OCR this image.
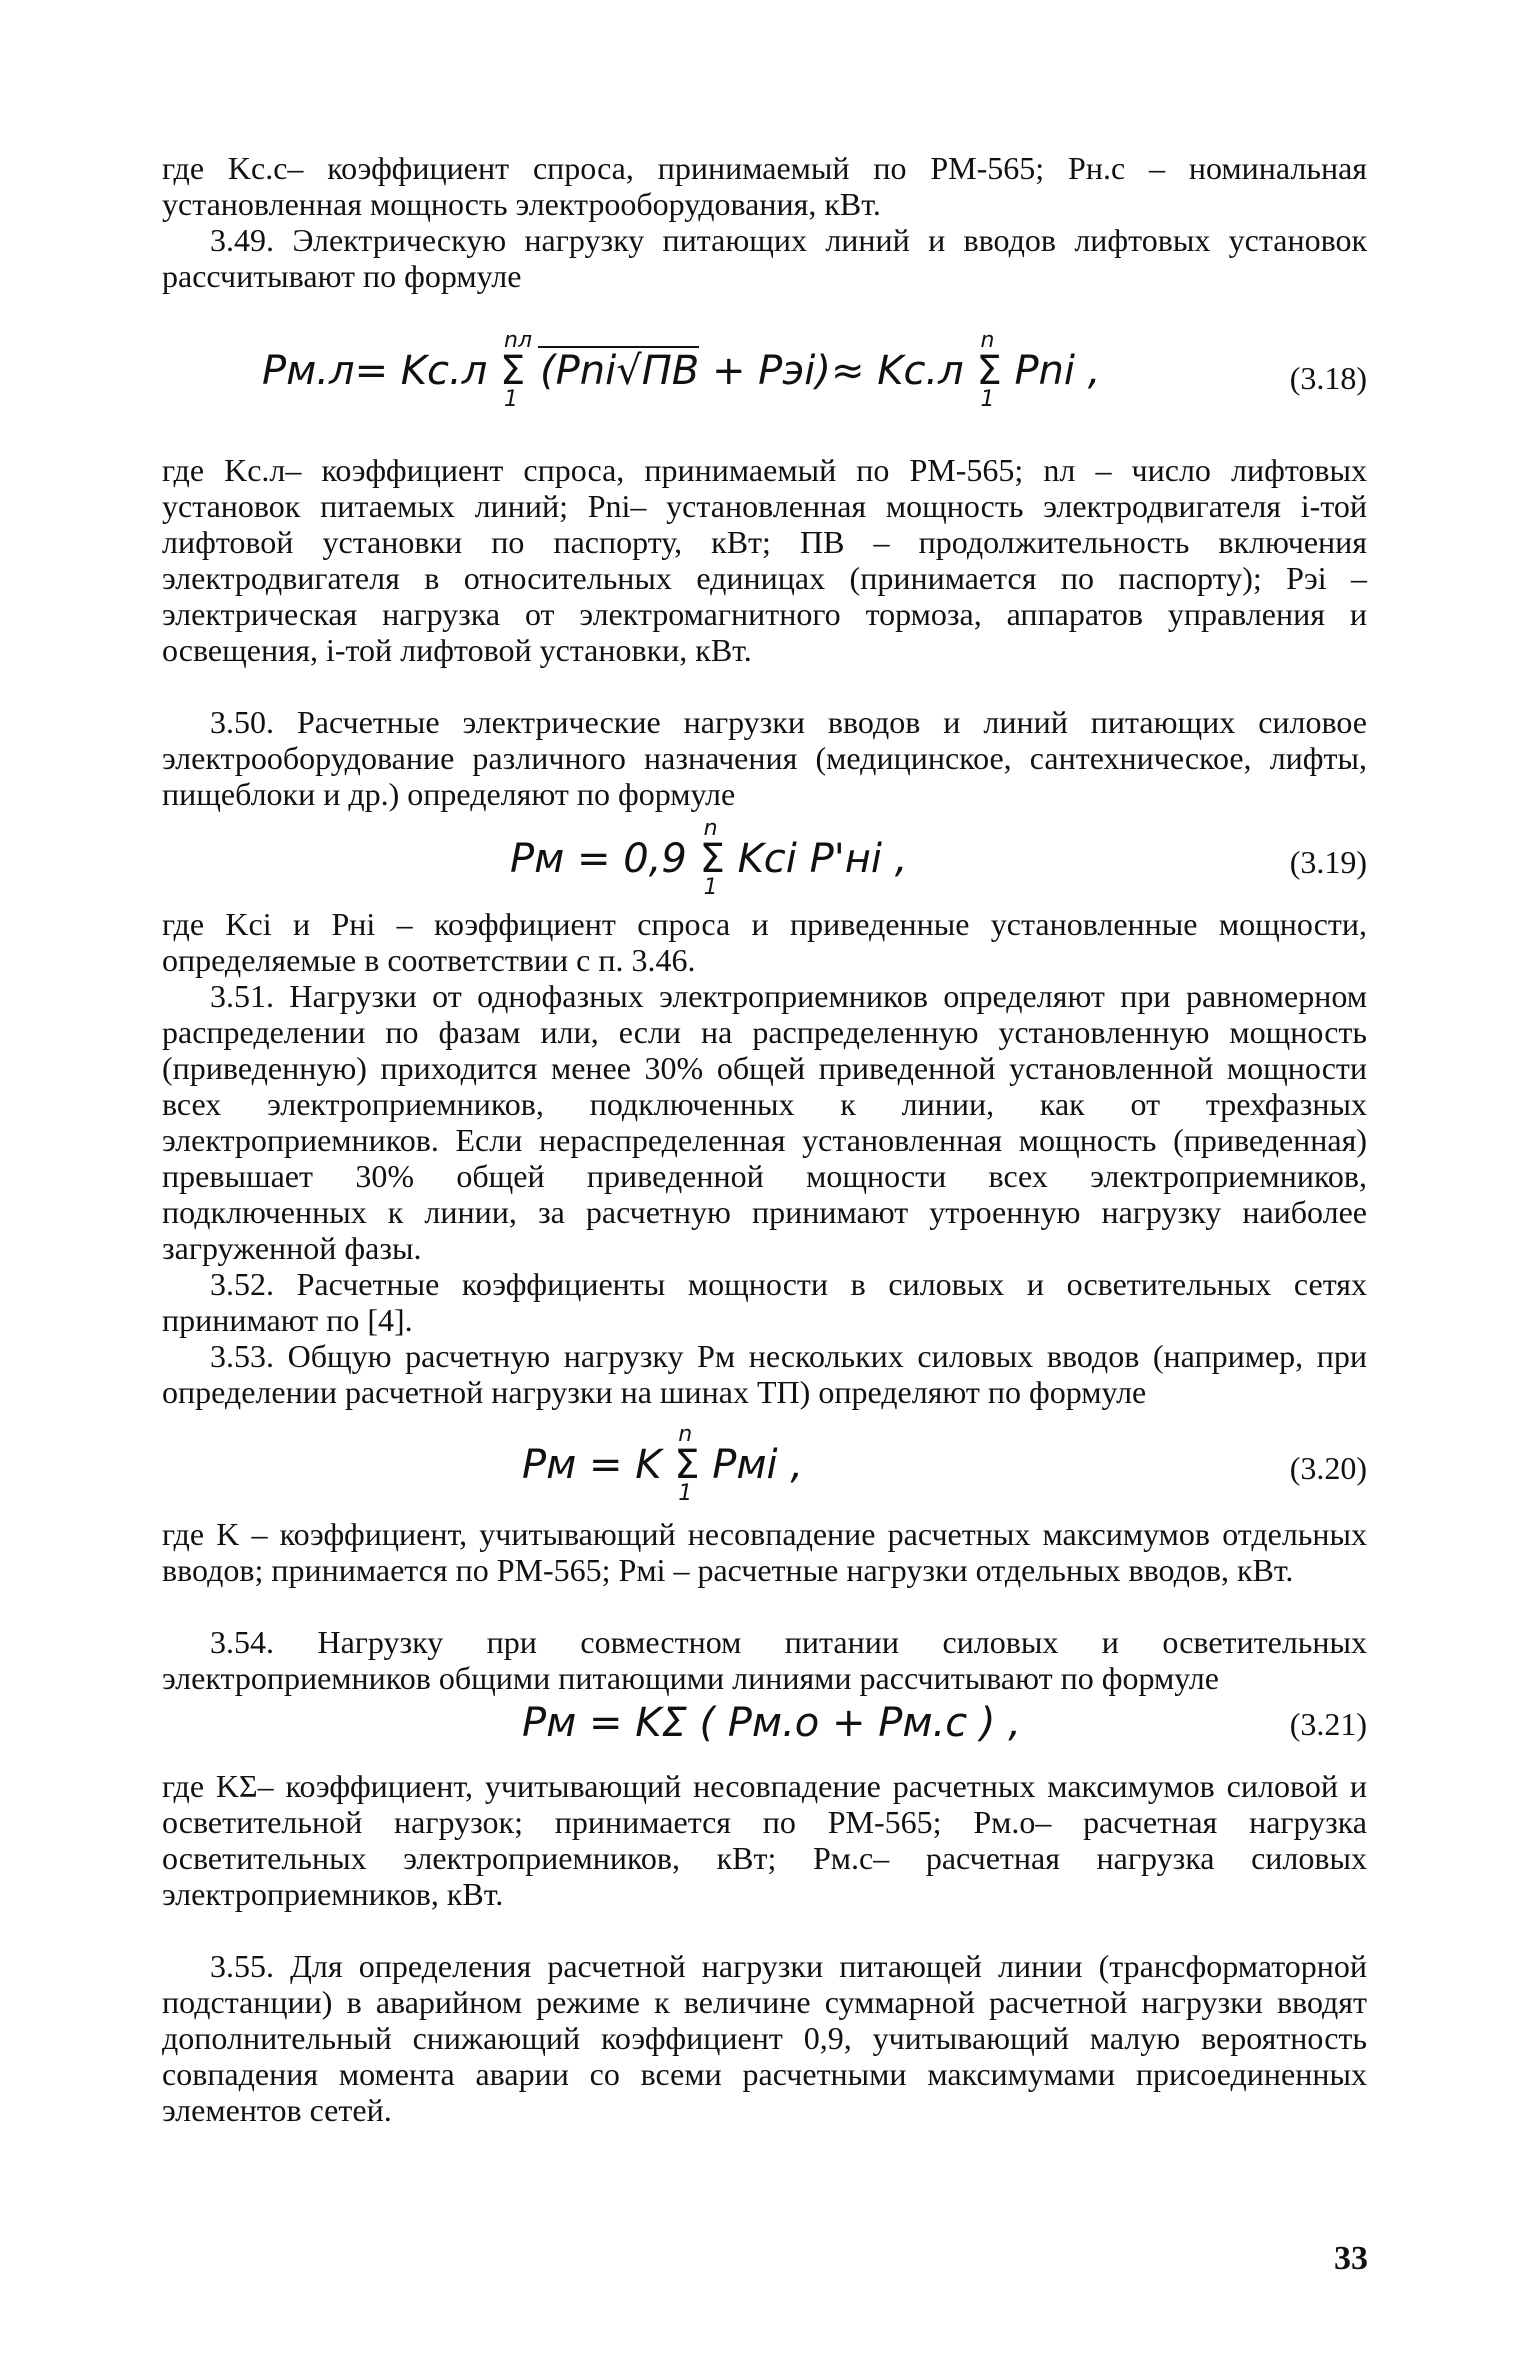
где Kс.с– коэффициент спроса, принимаемый по РМ-565; Pн.с – номинальная установленная мощность электрооборудования, кВт.

3.49. Электрическую нагрузку питающих линий и вводов лифтовых установок рассчитывают по формуле

Pм.л= Kс.л Σ
nл
1
(Pni√ПВ + Pэi)≈ Kс.л Σ
n
1
Pni ,	(3.18)

где Kс.л– коэффициент спроса, принимаемый по РМ-565; nл – число лифтовых установок питаемых линий; Pni– установленная мощность электродвигателя i-той лифтовой установки по паспорту, кВт; ПВ – продолжительность включения электродвигателя в относительных единицах (принимается по паспорту); Pэi – электрическая нагрузка от электромагнитного тормоза, аппаратов управления и освещения, i-той лифтовой установки, кВт.

3.50. Расчетные электрические нагрузки вводов и линий питающих силовое электрооборудование различного назначения (медицинское, сантехническое, лифты, пищеблоки и др.) определяют по формуле

Pм = 0,9 Σ
n
1
Kci P'нi ,	(3.19)

где Kci и Pнi – коэффициент спроса и приведенные установленные мощности, определяемые в соответствии с п. 3.46.

3.51. Нагрузки от однофазных электроприемников определяют при равномерном распределении по фазам или, если на распределенную установленную мощность (приведенную) приходится менее 30% общей приведенной установленной мощности всех электроприемников, подключенных к линии, как от трехфазных электроприемников. Если нераспределенная установленная мощность (приведенная) превышает 30% общей приведенной мощности всех электроприемников, подключенных к линии, за расчетную принимают утроенную нагрузку наиболее загруженной фазы.

3.52. Расчетные коэффициенты мощности в силовых и осветительных сетях принимают по [4].

3.53. Общую расчетную нагрузку Pм нескольких силовых вводов (например, при определении расчетной нагрузки на шинах ТП) определяют по формуле

Pм = K Σ
n
1
Pмi ,	(3.20)

где K – коэффициент, учитывающий несовпадение расчетных максимумов отдельных вводов; принимается по РМ-565; Pмi – расчетные нагрузки отдельных вводов, кВт.

3.54. Нагрузку при совместном питании силовых и осветительных электроприемников общими питающими линиями рассчитывают по формуле

Pм = KΣ ( Pм.о + Pм.с ) ,	(3.21)

где KΣ– коэффициент, учитывающий несовпадение расчетных максимумов силовой и осветительной нагрузок; принимается по РМ-565; Pм.о– расчетная нагрузка осветительных электроприемников, кВт; Pм.с– расчетная нагрузка силовых электроприемников, кВт.

3.55. Для определения расчетной нагрузки питающей линии (трансформаторной подстанции) в аварийном режиме к величине суммарной расчетной нагрузки вводят дополнительный снижающий коэффициент 0,9, учитывающий малую вероятность совпадения момента аварии со всеми расчетными максимумами присоединенных элементов сетей.

33
